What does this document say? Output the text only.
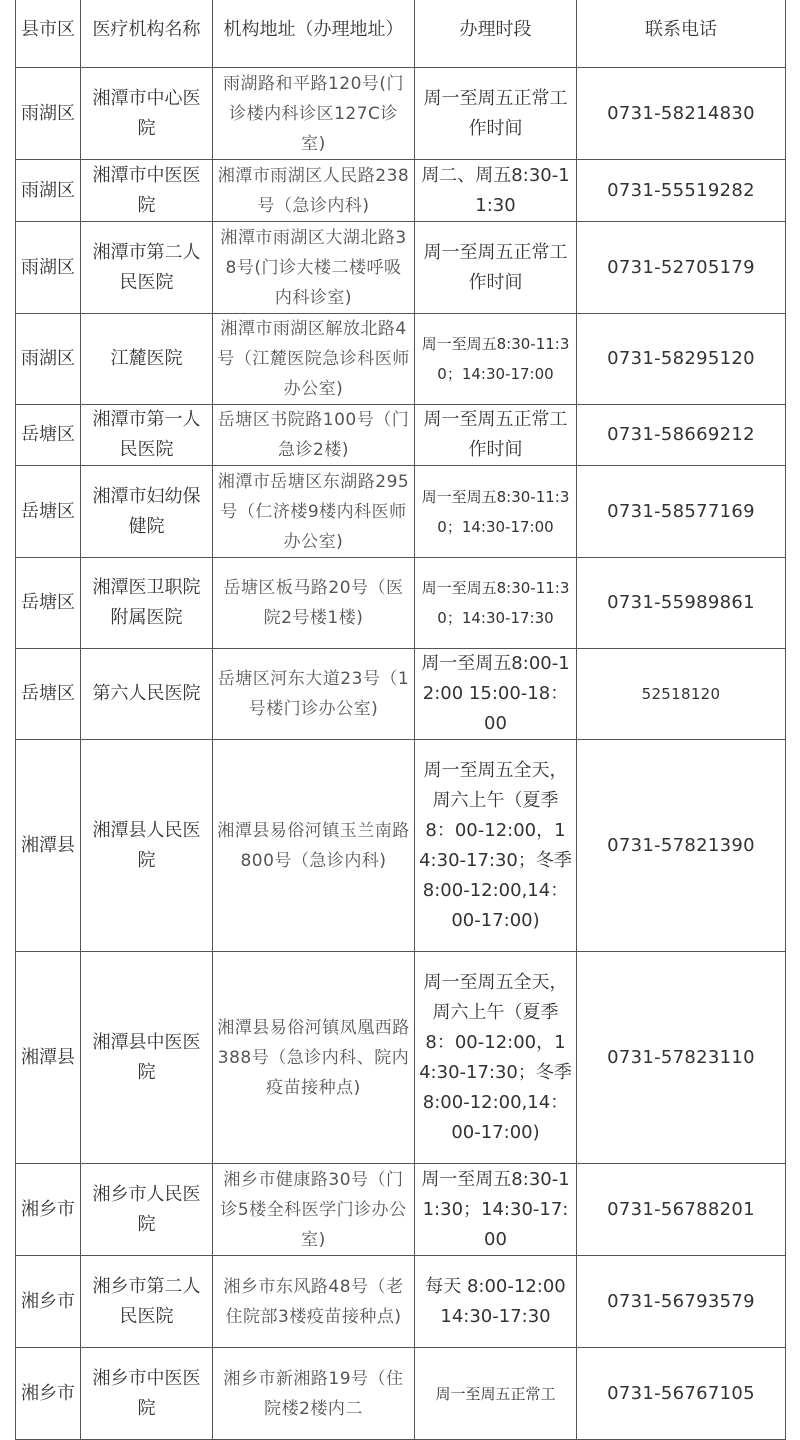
县市区	医疗机构名称	机构地址（办理地址）	办理时段	联系电话
雨湖区	湘潭市中心医院	雨湖路和平路120号(门诊楼内科诊区127C诊室)	周一至周五正常工作时间	0731-58214830
雨湖区	湘潭市中医医院	湘潭市雨湖区人民路238号（急诊内科)	周二、周五8:30-11:30	0731-55519282
雨湖区	湘潭市第二人民医院	湘潭市雨湖区大湖北路38号(门诊大楼二楼呼吸内科诊室)	周一至周五正常工作时间	0731-52705179
雨湖区	江麓医院	湘潭市雨湖区解放北路4号（江麓医院急诊科医师办公室)	周一至周五8:30-11:30；14:30-17:00	0731-58295120
岳塘区	湘潭市第一人民医院	岳塘区书院路100号（门急诊2楼)	周一至周五正常工作时间	0731-58669212
岳塘区	湘潭市妇幼保健院	湘潭市岳塘区东湖路295号（仁济楼9楼内科医师办公室)	周一至周五8:30-11:30；14:30-17:00	0731-58577169
岳塘区	湘潭医卫职院附属医院	岳塘区板马路20号（医院2号楼1楼)	周一至周五8:30-11:30；14:30-17:30	0731-55989861
岳塘区	第六人民医院	岳塘区河东大道23号（1号楼门诊办公室)	周一至周五8:00-12:00 15:00-18：00	52518120
湘潭县	湘潭县人民医院	湘潭县易俗河镇玉兰南路800号（急诊内科)	周一至周五全天，周六上午（夏季8：00-12:00，14:30-17:30；冬季8:00-12:00,14：00-17:00)	0731-57821390
湘潭县	湘潭县中医医院	湘潭县易俗河镇凤凰西路388号（急诊内科、院内疫苗接种点)	周一至周五全天，周六上午（夏季8：00-12:00，14:30-17:30；冬季8:00-12:00,14：00-17:00)	0731-57823110
湘乡市	湘乡市人民医院	湘乡市健康路30号（门诊5楼全科医学门诊办公室)	周一至周五8:30-11:30；14:30-17:00	0731-56788201
湘乡市	湘乡市第二人民医院	湘乡市东风路48号（老住院部3楼疫苗接种点)	每天 8:00-12:00 14:30-17:30	0731-56793579
湘乡市	湘乡市中医医院	湘乡市新湘路19号（住院楼2楼内二	周一至周五正常工	0731-56767105
